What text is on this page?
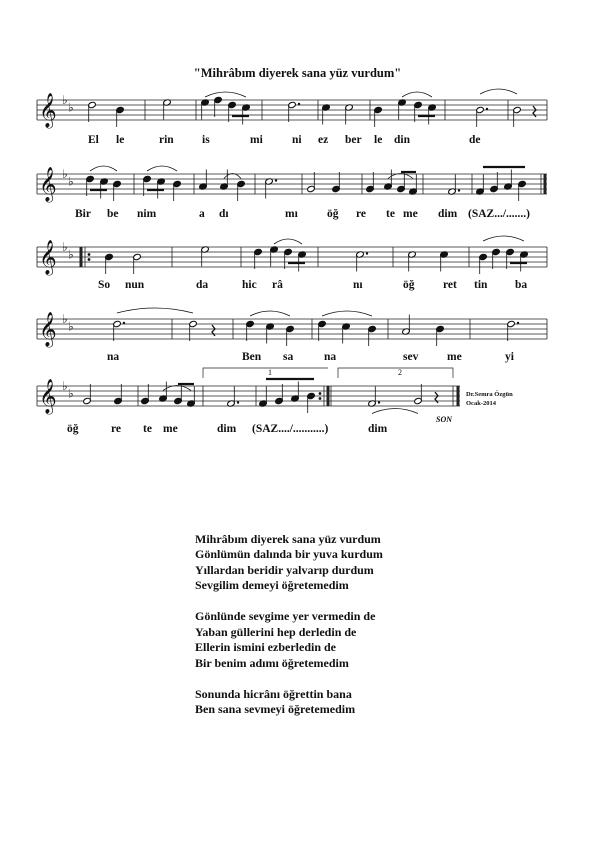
"Mihrâbım diyerek sana yüz vurdum"
𝄞 ♭
♭
El le	rin is	mi	ni ez ber le din	de
𝄞 ♭
♭
Bir be nim	a dı	mı	öğ re te me dim (SAZ.../.......)
𝄞 ♭
♭
So nun	da	hic râ	nı	öğ ret tin ba
𝄞 ♭
♭
na	Ben sa	na	sev me	yi
𝄞 ♭
♭
1	2
Dr.Semra Özgün
Ocak-2014
SON
öğ	re te me	dim (SAZ..../...........)	dim

Mihrâbım diyerek sana yüz vurdum
Gönlümün dalında bir yuva kurdum
Yıllardan beridir yalvarıp durdum
Sevgilim demeyi öğretemedim

Gönlünde sevgime yer vermedin de
Yaban güllerini hep derledin de
Ellerin ismini ezberledin de
Bir benim adımı öğretemedim

Sonunda hicrânı öğrettin bana
Ben sana sevmeyi öğretemedim
